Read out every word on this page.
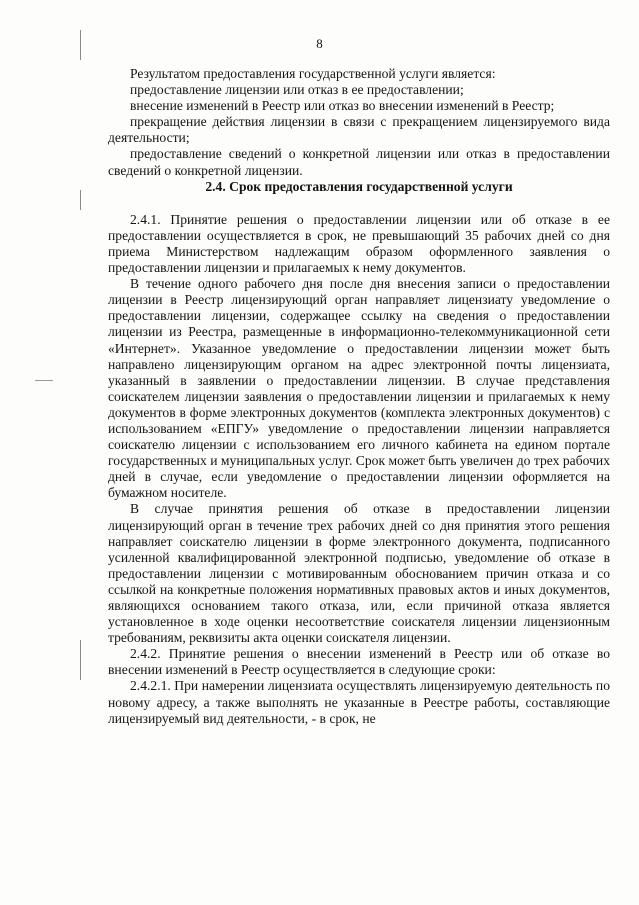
8

Результатом предоставления государственной услуги является:

предоставление лицензии или отказ в ее предоставлении;

внесение изменений в Реестр или отказ во внесении изменений в Реестр;

прекращение действия лицензии в связи с прекращением лицензируемого вида деятельности;

предоставление сведений о конкретной лицензии или отказ в предоставлении сведений о конкретной лицензии.

2.4. Срок предоставления государственной услуги

2.4.1. Принятие решения о предоставлении лицензии или об отказе в ее предоставлении осуществляется в срок, не превышающий 35 рабочих дней со дня приема Министерством надлежащим образом оформленного заявления о предоставлении лицензии и прилагаемых к нему документов.

В течение одного рабочего дня после дня внесения записи о предоставлении лицензии в Реестр лицензирующий орган направляет лицензиату уведомление о предоставлении лицензии, содержащее ссылку на сведения о предоставлении лицензии из Реестра, размещенные в информационно-телекоммуникационной сети «Интернет». Указанное уведомление о предоставлении лицензии может быть направлено лицензирующим органом на адрес электронной почты лицензиата, указанный в заявлении о предоставлении лицензии. В случае представления соискателем лицензии заявления о предоставлении лицензии и прилагаемых к нему документов в форме электронных документов (комплекта электронных документов) с использованием «ЕПГУ» уведомление о предоставлении лицензии направляется соискателю лицензии с использованием его личного кабинета на едином портале государственных и муниципальных услуг. Срок может быть увеличен до трех рабочих дней в случае, если уведомление о предоставлении лицензии оформляется на бумажном носителе.

В случае принятия решения об отказе в предоставлении лицензии лицензирующий орган в течение трех рабочих дней со дня принятия этого решения направляет соискателю лицензии в форме электронного документа, подписанного усиленной квалифицированной электронной подписью, уведомление об отказе в предоставлении лицензии с мотивированным обоснованием причин отказа и со ссылкой на конкретные положения нормативных правовых актов и иных документов, являющихся основанием такого отказа, или, если причиной отказа является установленное в ходе оценки несоответствие соискателя лицензии лицензионным требованиям, реквизиты акта оценки соискателя лицензии.

2.4.2. Принятие решения о внесении изменений в Реестр или об отказе во внесении изменений в Реестр осуществляется в следующие сроки:

2.4.2.1. При намерении лицензиата осуществлять лицензируемую деятельность по новому адресу, а также выполнять не указанные в Реестре работы, составляющие лицензируемый вид деятельности, - в срок, не
